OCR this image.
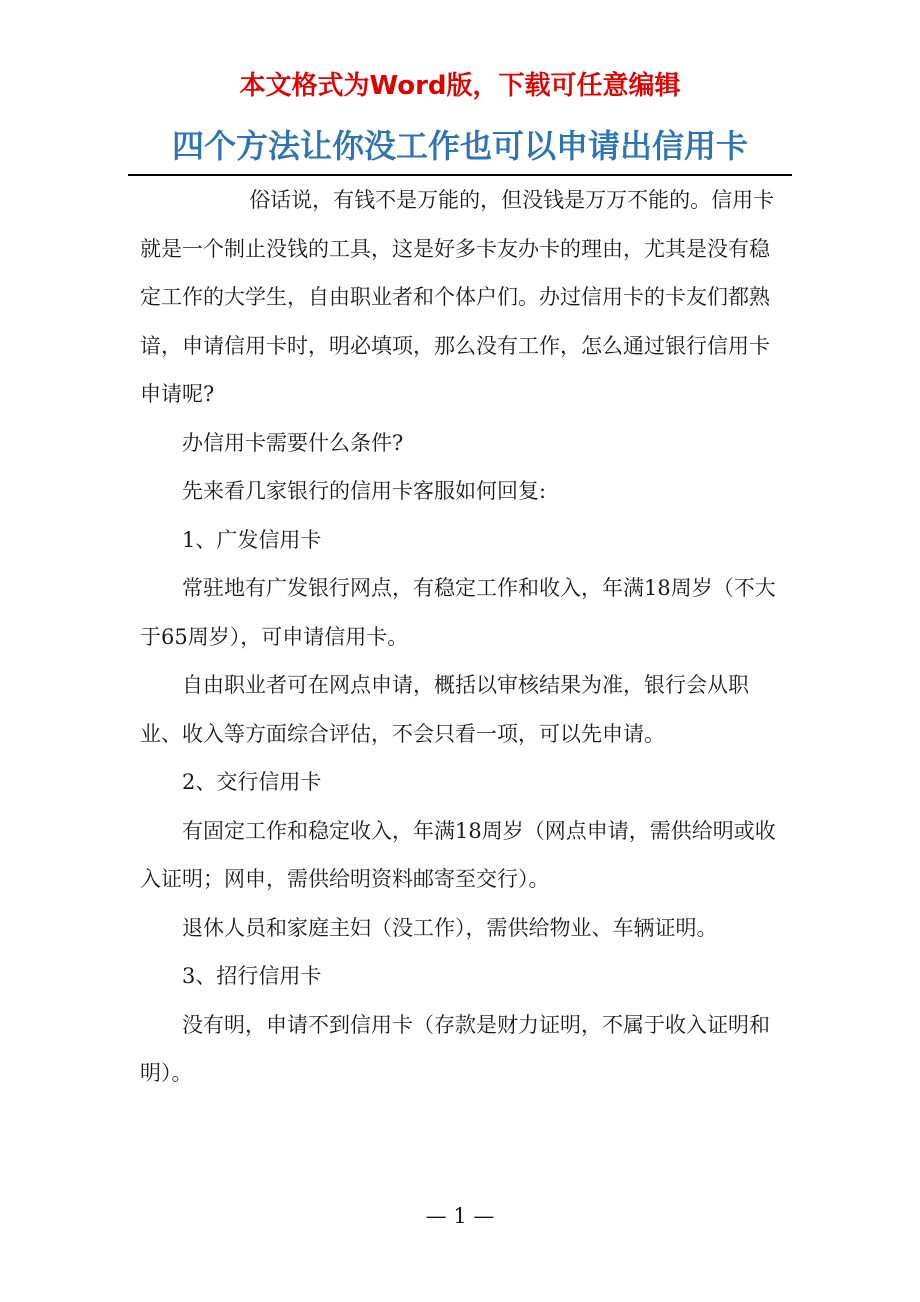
本文格式为Word版，下载可任意编辑
四个方法让你没工作也可以申请出信用卡

俗话说，有钱不是万能的，但没钱是万万不能的。信用卡就是一个制止没钱的工具，这是好多卡友办卡的理由，尤其是没有稳定工作的大学生，自由职业者和个体户们。办过信用卡的卡友们都熟谙，申请信用卡时，明必填项，那么没有工作，怎么通过银行信用卡申请呢?

办信用卡需要什么条件?

先来看几家银行的信用卡客服如何回复:

1、广发信用卡

常驻地有广发银行网点，有稳定工作和收入，年满18周岁（不大于65周岁），可申请信用卡。

自由职业者可在网点申请，概括以审核结果为准，银行会从职业、收入等方面综合评估，不会只看一项，可以先申请。

2、交行信用卡

有固定工作和稳定收入，年满18周岁（网点申请，需供给明或收入证明；网申，需供给明资料邮寄至交行）。

退休人员和家庭主妇（没工作），需供给物业、车辆证明。

3、招行信用卡

没有明，申请不到信用卡（存款是财力证明，不属于收入证明和明）。

— 1 —
